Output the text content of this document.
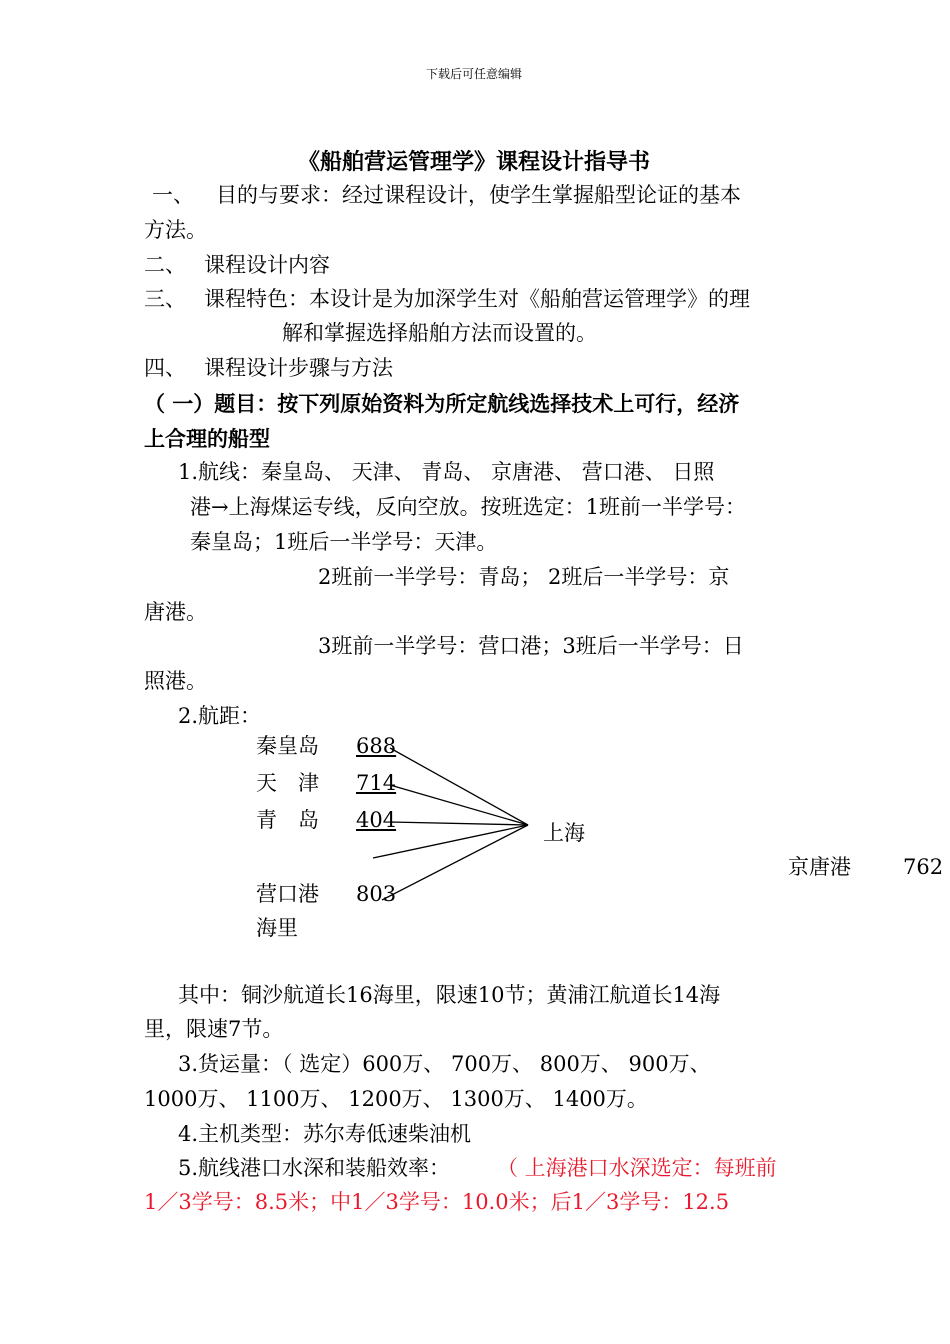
下载后可任意编辑
《船舶营运管理学》课程设计指导书
一、 目的与要求：经过课程设计，使学生掌握船型论证的基本
方法。
二、 课程设计内容
三、 课程特色：本设计是为加深学生对《船舶营运管理学》的理
解和掌握选择船舶方法而设置的。
四、 课程设计步骤与方法
（ 一）题目：按下列原始资料为所定航线选择技术上可行，经济
上合理的船型
1.航线：秦皇岛、 天津、 青岛、 京唐港、 营口港、 日照
港→上海煤运专线，反向空放。按班选定：1班前一半学号：
秦皇岛；1班后一半学号：天津。
2班前一半学号：青岛； 2班后一半学号：京
唐港。
3班前一半学号：营口港；3班后一半学号：日
照港。
2.航距：
秦皇岛 688
天　津 714
青　岛 404
上海
京唐港 762
营口港 803
海里
其中：铜沙航道长16海里，限速10节；黄浦江航道长14海
里，限速7节。
3.货运量：（ 选定）600万、 700万、 800万、 900万、
1000万、 1100万、 1200万、 1300万、 1400万。
4.主机类型：苏尔寿低速柴油机
5.航线港口水深和装船效率： （ 上海港口水深选定：每班前
1／3学号：8.5米；中1／3学号：10.0米；后1／3学号：12.5
